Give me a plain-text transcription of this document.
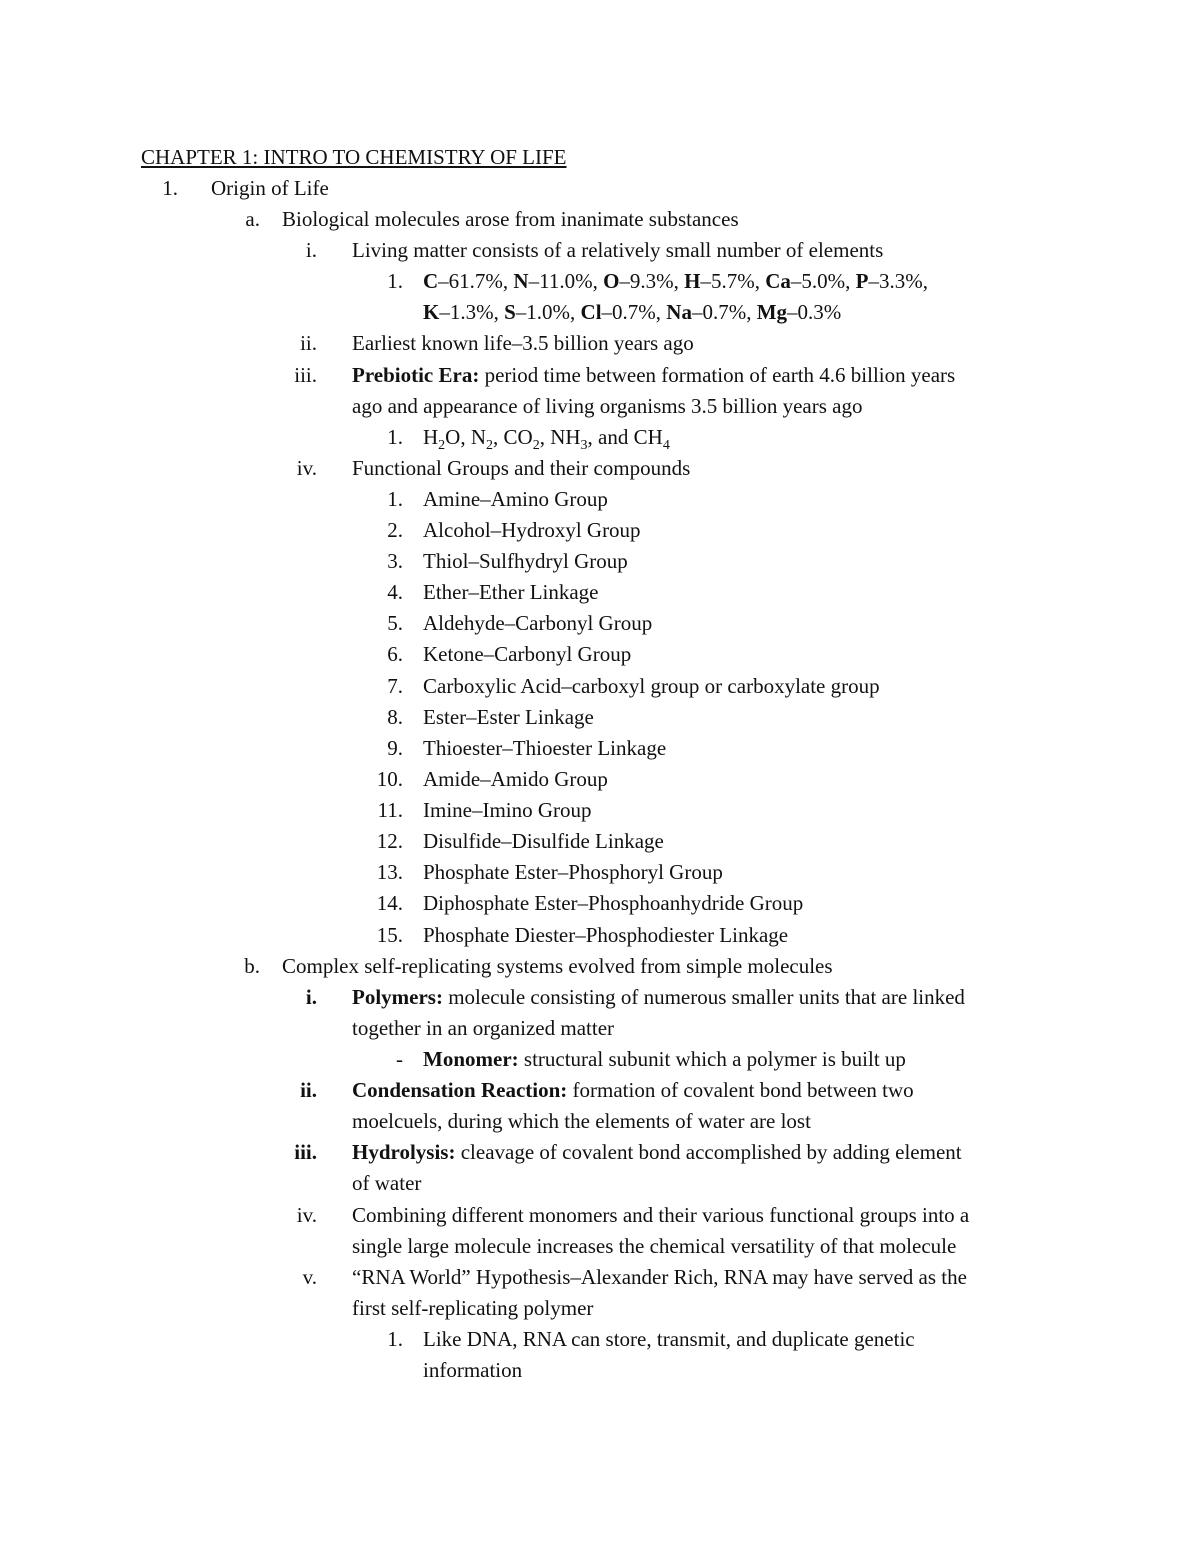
CHAPTER 1: INTRO TO CHEMISTRY OF LIFE
1. Origin of Life
a. Biological molecules arose from inanimate substances
i. Living matter consists of a relatively small number of elements
1. C–61.7%, N–11.0%, O–9.3%, H–5.7%, Ca–5.0%, P–3.3%,
K–1.3%, S–1.0%, Cl–0.7%, Na–0.7%, Mg–0.3%
ii. Earliest known life–3.5 billion years ago
iii. Prebiotic Era: period time between formation of earth 4.6 billion years
ago and appearance of living organisms 3.5 billion years ago
1. $H_2O$, $N_2$, $CO_2$, $NH_3$, and $CH_4$
iv. Functional Groups and their compounds
1. Amine–Amino Group
2. Alcohol–Hydroxyl Group
3. Thiol–Sulfhydryl Group
4. Ether–Ether Linkage
5. Aldehyde–Carbonyl Group
6. Ketone–Carbonyl Group
7. Carboxylic Acid–carboxyl group or carboxylate group
8. Ester–Ester Linkage
9. Thioester–Thioester Linkage
10. Amide–Amido Group
11. Imine–Imino Group
12. Disulfide–Disulfide Linkage
13. Phosphate Ester–Phosphoryl Group
14. Diphosphate Ester–Phosphoanhydride Group
15. Phosphate Diester–Phosphodiester Linkage
b. Complex self-replicating systems evolved from simple molecules
i. Polymers: molecule consisting of numerous smaller units that are linked
together in an organized matter
- Monomer: structural subunit which a polymer is built up
ii. Condensation Reaction: formation of covalent bond between two
moelcuels, during which the elements of water are lost
iii. Hydrolysis: cleavage of covalent bond accomplished by adding element
of water
iv. Combining different monomers and their various functional groups into a
single large molecule increases the chemical versatility of that molecule
v. “RNA World” Hypothesis–Alexander Rich, RNA may have served as the
first self-replicating polymer
1. Like DNA, RNA can store, transmit, and duplicate genetic
information
